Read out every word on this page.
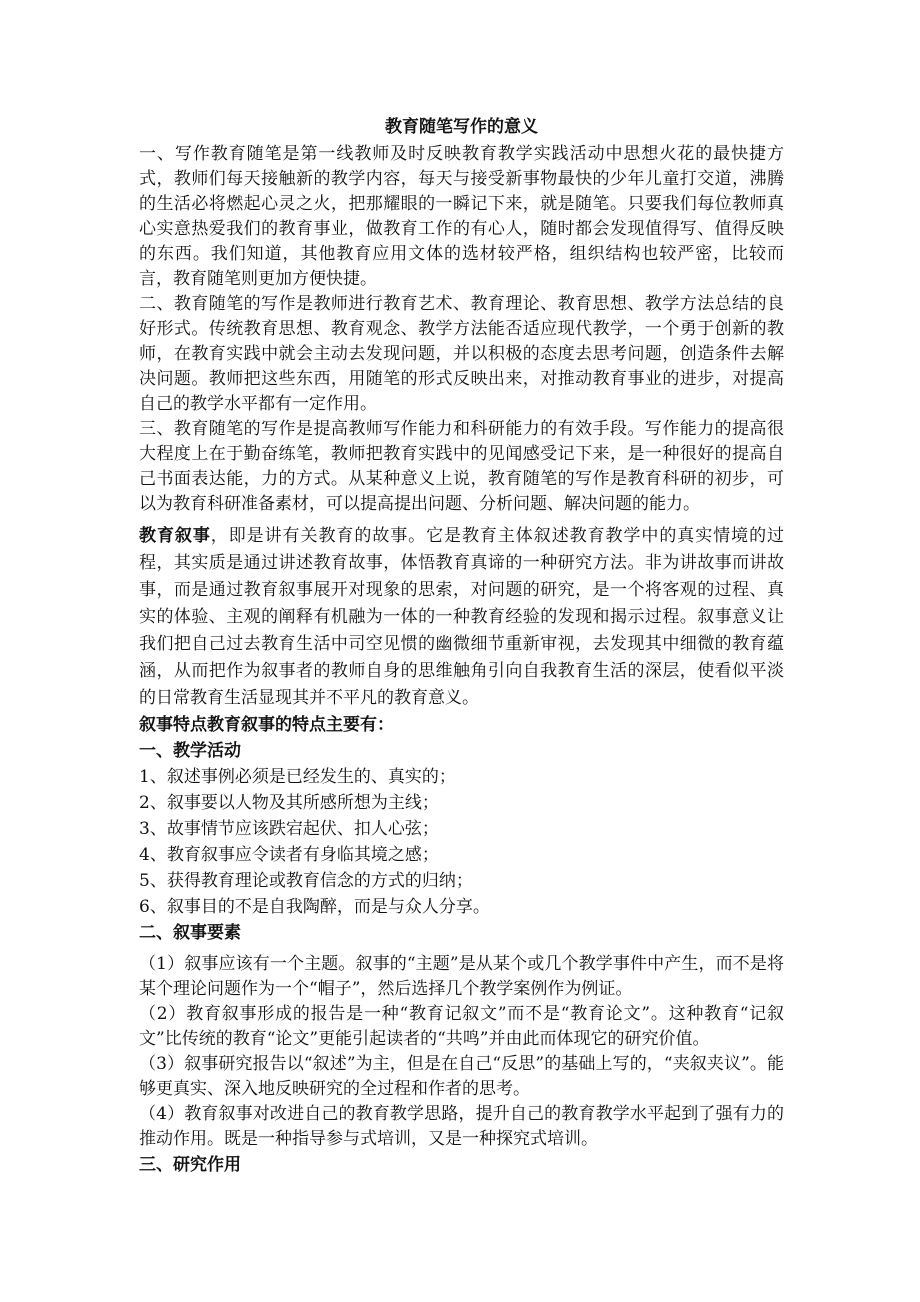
教育随笔写作的意义

一、写作教育随笔是第一线教师及时反映教育教学实践活动中思想火花的最快捷方式，教师们每天接触新的教学内容，每天与接受新事物最快的少年儿童打交道，沸腾的生活必将燃起心灵之火，把那耀眼的一瞬记下来，就是随笔。只要我们每位教师真心实意热爱我们的教育事业，做教育工作的有心人，随时都会发现值得写、值得反映的东西。我们知道，其他教育应用文体的选材较严格，组织结构也较严密，比较而言，教育随笔则更加方便快捷。

二、教育随笔的写作是教师进行教育艺术、教育理论、教育思想、教学方法总结的良好形式。传统教育思想、教育观念、教学方法能否适应现代教学，一个勇于创新的教师，在教育实践中就会主动去发现问题，并以积极的态度去思考问题，创造条件去解决问题。教师把这些东西，用随笔的形式反映出来，对推动教育事业的进步，对提高自己的教学水平都有一定作用。

三、教育随笔的写作是提高教师写作能力和科研能力的有效手段。写作能力的提高很大程度上在于勤奋练笔，教师把教育实践中的见闻感受记下来，是一种很好的提高自己书面表达能，力的方式。从某种意义上说，教育随笔的写作是教育科研的初步，可以为教育科研准备素材，可以提高提出问题、分析问题、解决问题的能力。

教育叙事，即是讲有关教育的故事。它是教育主体叙述教育教学中的真实情境的过程，其实质是通过讲述教育故事，体悟教育真谛的一种研究方法。非为讲故事而讲故事，而是通过教育叙事展开对现象的思索，对问题的研究，是一个将客观的过程、真实的体验、主观的阐释有机融为一体的一种教育经验的发现和揭示过程。叙事意义让我们把自己过去教育生活中司空见惯的幽微细节重新审视，去发现其中细微的教育蕴涵，从而把作为叙事者的教师自身的思维触角引向自我教育生活的深层，使看似平淡的日常教育生活显现其并不平凡的教育意义。

叙事特点教育叙事的特点主要有：

一、教学活动

1、叙述事例必须是已经发生的、真实的；

2、叙事要以人物及其所感所想为主线；

3、故事情节应该跌宕起伏、扣人心弦；

4、教育叙事应令读者有身临其境之感；

5、获得教育理论或教育信念的方式的归纳；

6、叙事目的不是自我陶醉，而是与众人分享。

二、叙事要素

（1）叙事应该有一个主题。叙事的“主题”是从某个或几个教学事件中产生，而不是将某个理论问题作为一个“帽子”，然后选择几个教学案例作为例证。

（2）教育叙事形成的报告是一种“教育记叙文”而不是“教育论文”。这种教育“记叙文”比传统的教育“论文”更能引起读者的“共鸣”并由此而体现它的研究价值。

（3）叙事研究报告以“叙述”为主，但是在自己“反思”的基础上写的，“夹叙夹议”。能够更真实、深入地反映研究的全过程和作者的思考。

（4）教育叙事对改进自己的教育教学思路，提升自己的教育教学水平起到了强有力的推动作用。既是一种指导参与式培训，又是一种探究式培训。

三、研究作用
